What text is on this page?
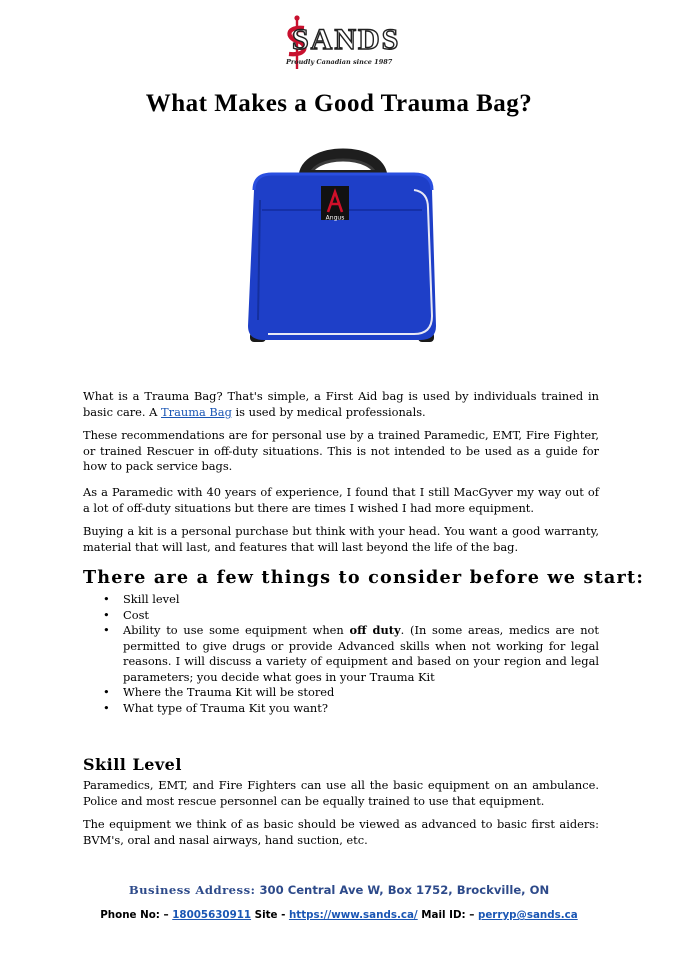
SANDS
Proudly Canadian since 1987
What Makes a Good Trauma Bag?
Angus

What is a Trauma Bag? That's simple, a First Aid bag is used by individuals trained in basic care. A Trauma Bag is used by medical professionals.

These recommendations are for personal use by a trained Paramedic, EMT, Fire Fighter, or trained Rescuer in off-duty situations. This is not intended to be used as a guide for how to pack service bags.

As a Paramedic with 40 years of experience, I found that I still MacGyver my way out of a lot of off-duty situations but there are times I wished I had more equipment.

Buying a kit is a personal purchase but think with your head. You want a good warranty, material that will last, and features that will last beyond the life of the bag.

There are a few things to consider before we start:
• Skill level
• Cost
• Ability to use some equipment when off duty. (In some areas, medics are not permitted to give drugs or provide Advanced skills when not working for legal reasons. I will discuss a variety of equipment and based on your region and legal parameters; you decide what goes in your Trauma Kit
• Where the Trauma Kit will be stored
• What type of Trauma Kit you want?
Skill Level

Paramedics, EMT, and Fire Fighters can use all the basic equipment on an ambulance. Police and most rescue personnel can be equally trained to use that equipment.

The equipment we think of as basic should be viewed as advanced to basic first aiders: BVM's, oral and nasal airways, hand suction, etc.

Business Address: 300 Central Ave W, Box 1752, Brockville, ON
Phone No: – 18005630911 Site - https://www.sands.ca/ Mail ID: – perryp@sands.ca
